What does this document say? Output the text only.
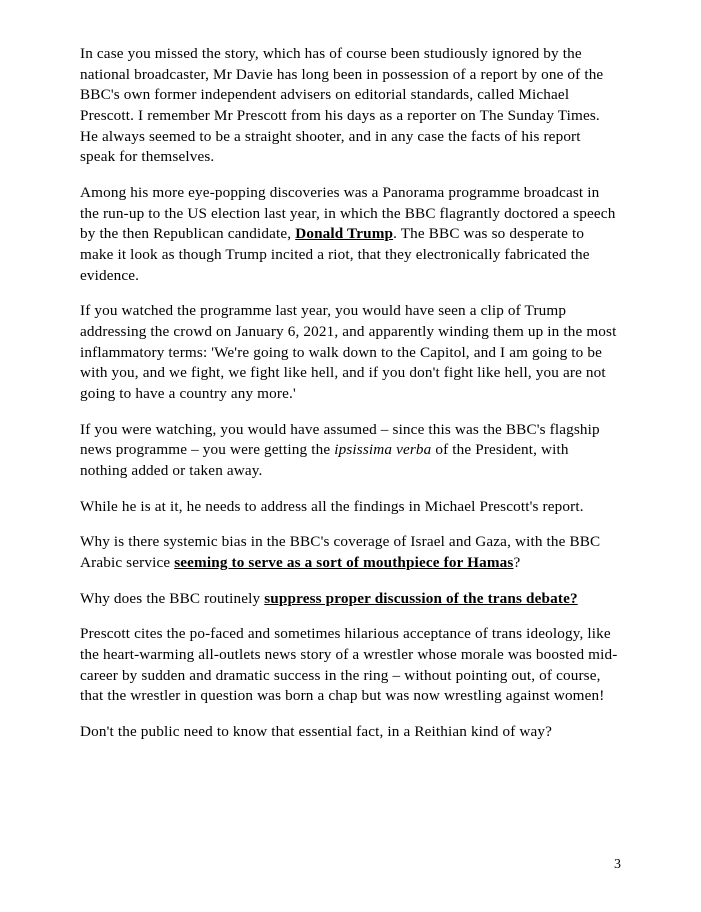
In case you missed the story, which has of course been studiously ignored by the national broadcaster, Mr Davie has long been in possession of a report by one of the BBC's own former independent advisers on editorial standards, called Michael Prescott. I remember Mr Prescott from his days as a reporter on The Sunday Times. He always seemed to be a straight shooter, and in any case the facts of his report speak for themselves.

Among his more eye-popping discoveries was a Panorama programme broadcast in the run-up to the US election last year, in which the BBC flagrantly doctored a speech by the then Republican candidate, Donald Trump. The BBC was so desperate to make it look as though Trump incited a riot, that they electronically fabricated the evidence.

If you watched the programme last year, you would have seen a clip of Trump addressing the crowd on January 6, 2021, and apparently winding them up in the most inflammatory terms: 'We're going to walk down to the Capitol, and I am going to be with you, and we fight, we fight like hell, and if you don't fight like hell, you are not going to have a country any more.'

If you were watching, you would have assumed – since this was the BBC's flagship news programme – you were getting the ipsissima verba of the President, with nothing added or taken away.

While he is at it, he needs to address all the findings in Michael Prescott's report.

Why is there systemic bias in the BBC's coverage of Israel and Gaza, with the BBC Arabic service seeming to serve as a sort of mouthpiece for Hamas?

Why does the BBC routinely suppress proper discussion of the trans debate?

Prescott cites the po-faced and sometimes hilarious acceptance of trans ideology, like the heart-warming all-outlets news story of a wrestler whose morale was boosted mid-career by sudden and dramatic success in the ring – without pointing out, of course, that the wrestler in question was born a chap but was now wrestling against women!

Don't the public need to know that essential fact, in a Reithian kind of way?

3
